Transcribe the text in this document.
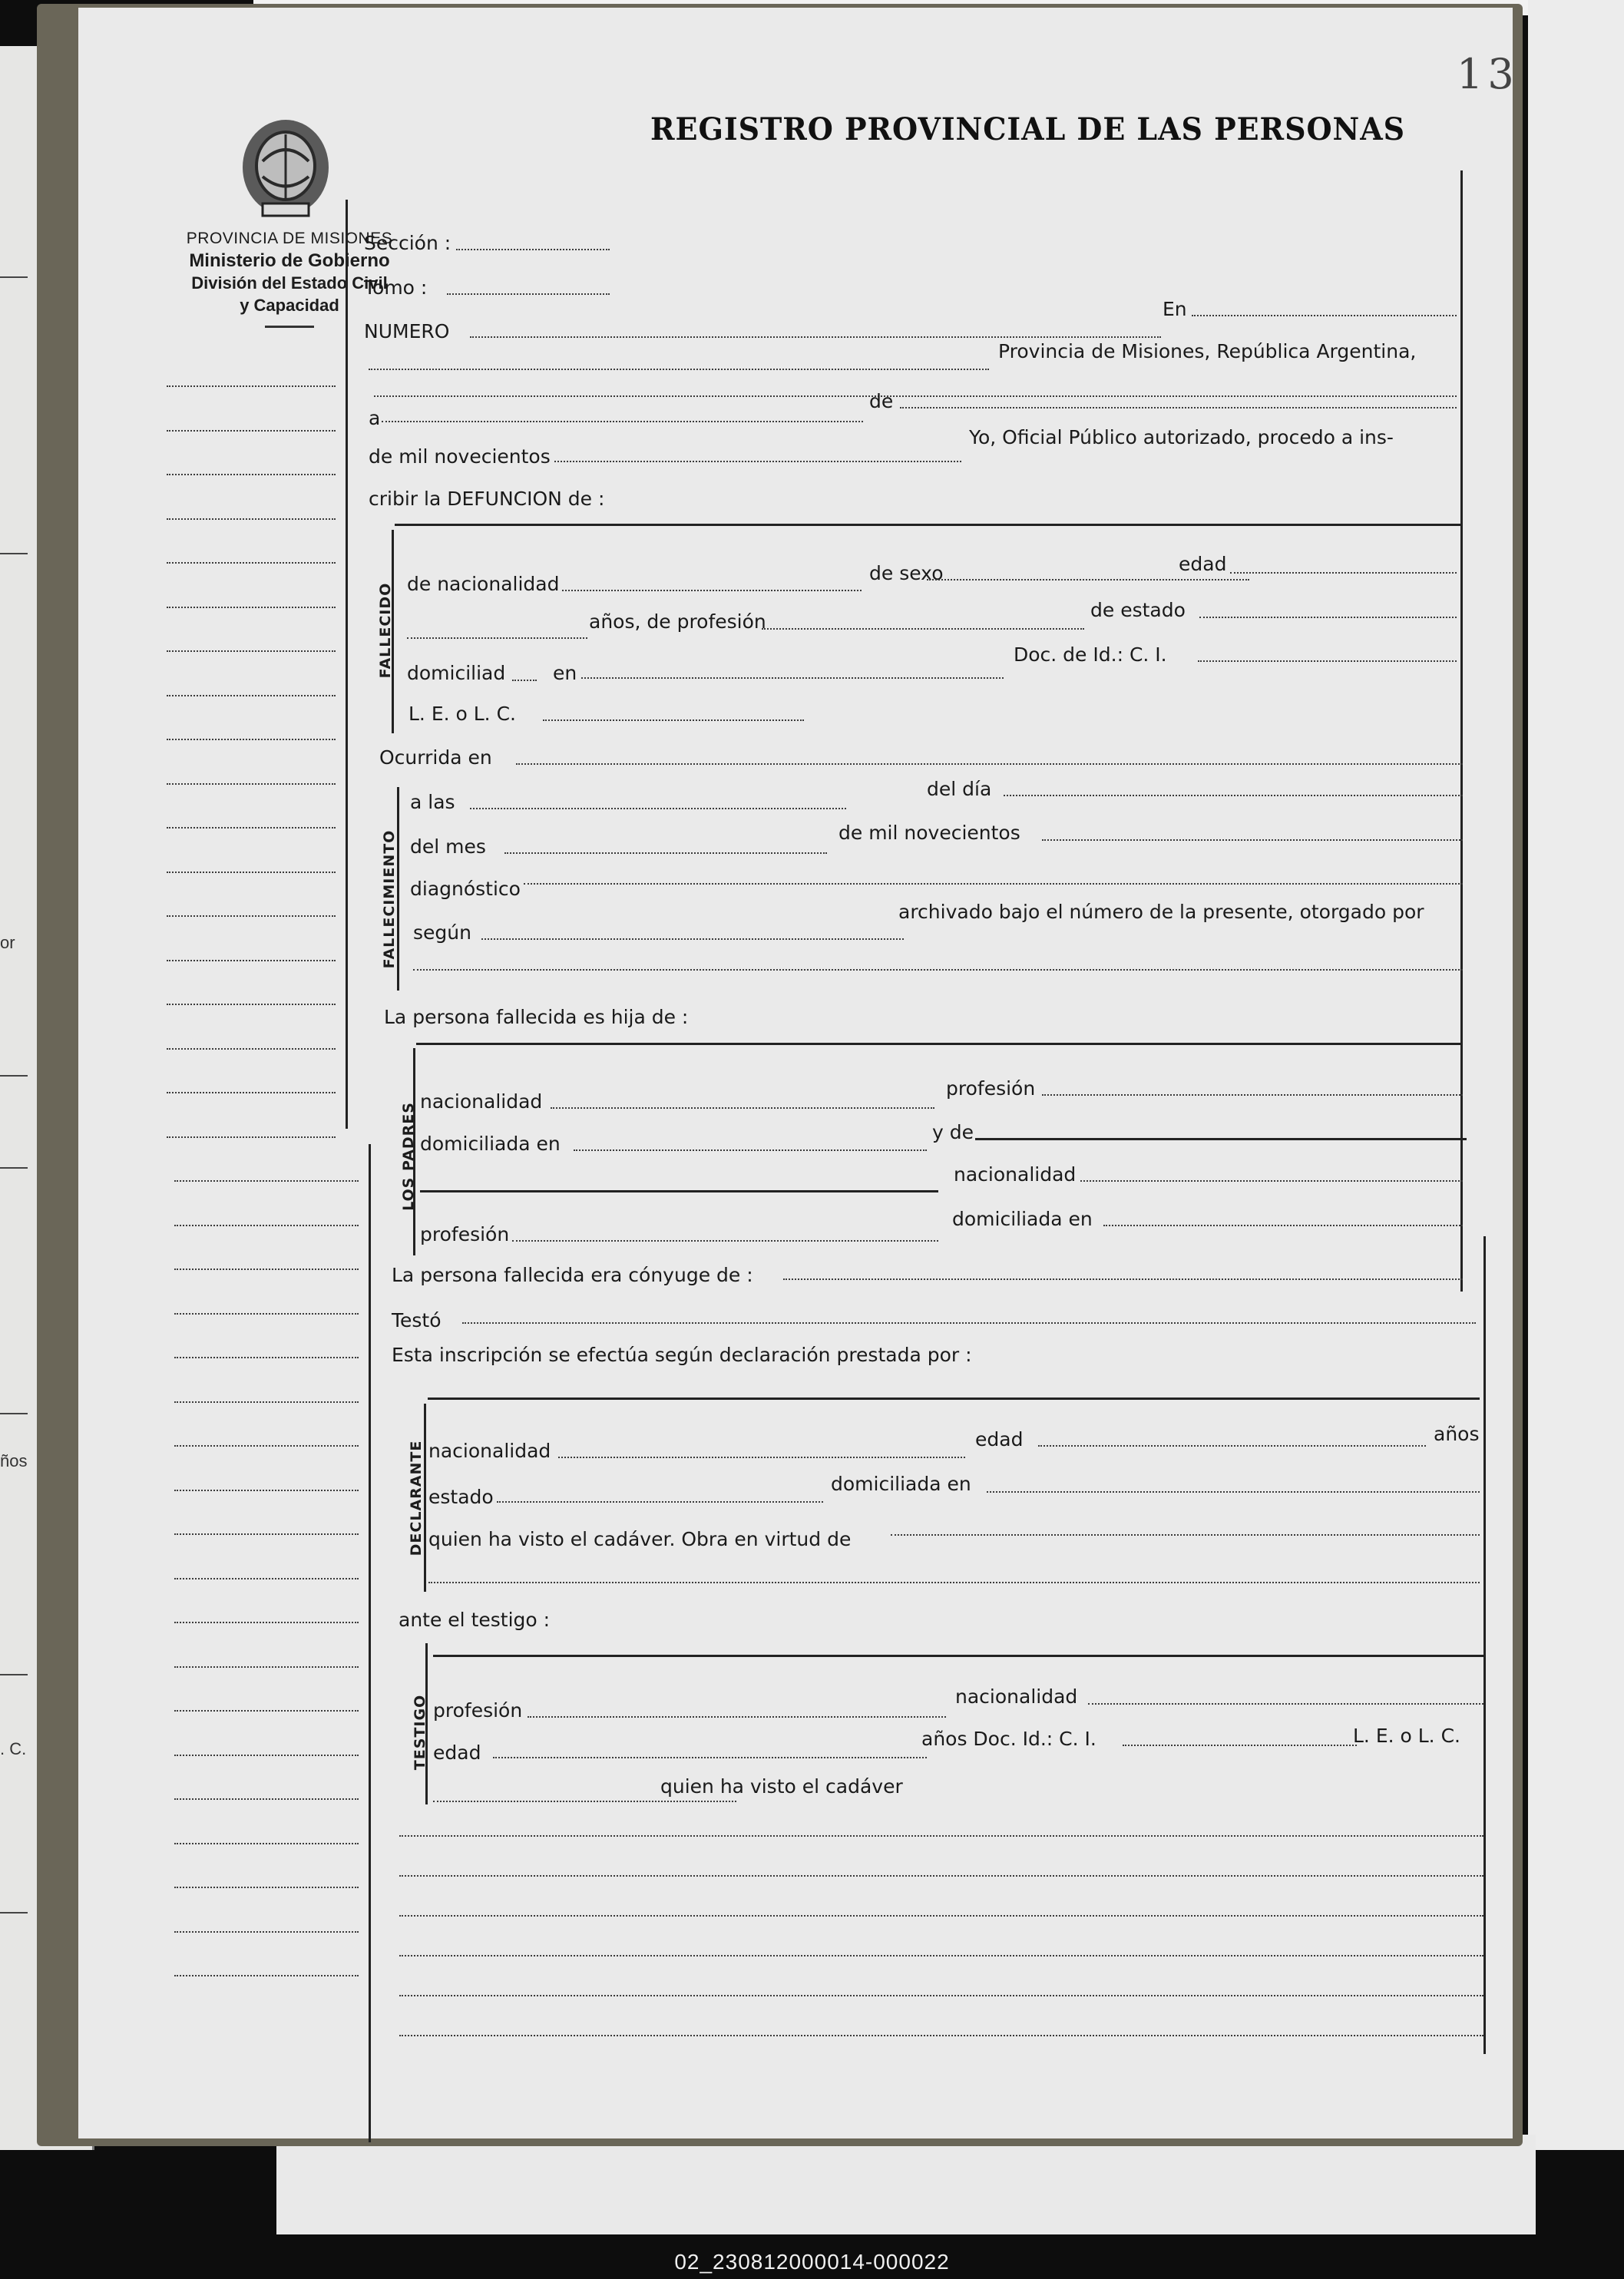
or
ños
. C.
13
REGISTRO PROVINCIAL DE LAS PERSONAS
PROVINCIA DE MISIONES
Ministerio de Gobierno
División del Estado Civil
y Capacidad
Sección :
Tomo :
NUMERO
En
Provincia de Misiones, República Argentina,
a
de
de mil novecientos
Yo, Oficial Público autorizado, procedo a ins-
cribir la DEFUNCION de :
FALLECIDO de nacionalidad	de sexo	edad
años, de profesión
de estado
domiciliad en
Doc. de Id.: C. I.
L. E. o L. C.
Ocurrida en
FALLECIMIENTO
a las
del día
del mes
de mil novecientos
diagnóstico
según
archivado bajo el número de la presente, otorgado por
La persona fallecida es hija de :
LOS PADRES
nacionalidad
profesión
domiciliada en
y de
nacionalidad
profesión
domiciliada en
La persona fallecida era cónyuge de :
Testó
Esta inscripción se efectúa según declaración prestada por :
DECLARANTE nacionalidad
edad	años
estado
domiciliada en
quien ha visto el cadáver. Obra en virtud de
ante el testigo :
TESTIGO profesión
nacionalidad
edad
años Doc. Id.: C. I.	L. E. o L. C.
quien ha visto el cadáver
02_230812000014-000022
